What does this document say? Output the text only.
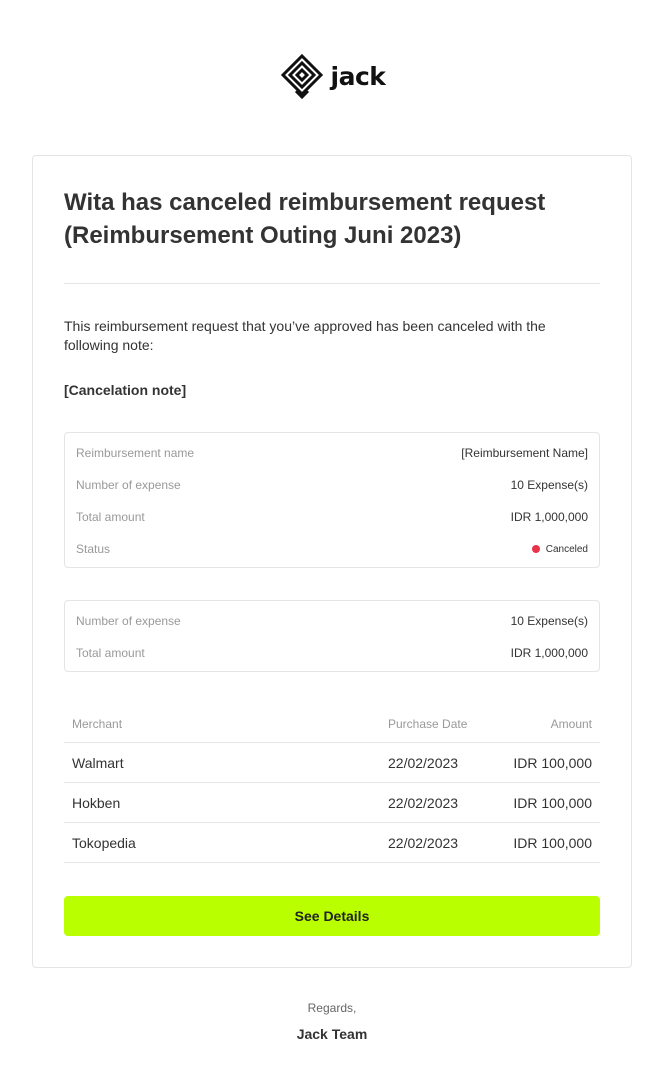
jack
Wita has canceled reimbursement request (Reimbursement Outing Juni 2023)

This reimbursement request that you’ve approved has been canceled with the following note:

[Cancelation note]

Reimbursement name	[Reimbursement Name]
Number of expense	10 Expense(s)
Total amount	IDR 1,000,000
Status	Canceled
Number of expense	10 Expense(s)
Total amount	IDR 1,000,000
Merchant	Purchase Date	Amount
Walmart	22/02/2023	IDR 100,000
Hokben	22/02/2023	IDR 100,000
Tokopedia	22/02/2023	IDR 100,000
See Details

Regards,

Jack Team
